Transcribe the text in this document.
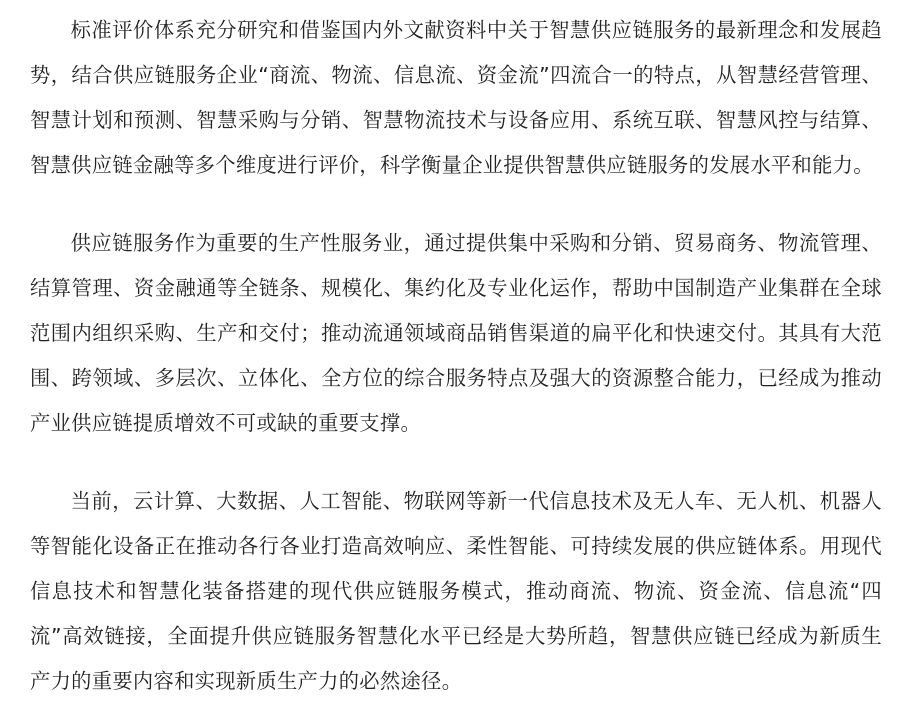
标准评价体系充分研究和借鉴国内外文献资料中关于智慧供应链服务的最新理念和发展趋势，结合供应链服务企业“商流、物流、信息流、资金流”四流合一的特点，从智慧经营管理、智慧计划和预测、智慧采购与分销、智慧物流技术与设备应用、系统互联、智慧风控与结算、智慧供应链金融等多个维度进行评价，科学衡量企业提供智慧供应链服务的发展水平和能力。

供应链服务作为重要的生产性服务业，通过提供集中采购和分销、贸易商务、物流管理、结算管理、资金融通等全链条、规模化、集约化及专业化运作，帮助中国制造产业集群在全球范围内组织采购、生产和交付；推动流通领域商品销售渠道的扁平化和快速交付。其具有大范围、跨领域、多层次、立体化、全方位的综合服务特点及强大的资源整合能力，已经成为推动产业供应链提质增效不可或缺的重要支撑。

当前，云计算、大数据、人工智能、物联网等新一代信息技术及无人车、无人机、机器人等智能化设备正在推动各行各业打造高效响应、柔性智能、可持续发展的供应链体系。用现代信息技术和智慧化装备搭建的现代供应链服务模式，推动商流、物流、资金流、信息流“四流”高效链接，全面提升供应链服务智慧化水平已经是大势所趋，智慧供应链已经成为新质生产力的重要内容和实现新质生产力的必然途径。
